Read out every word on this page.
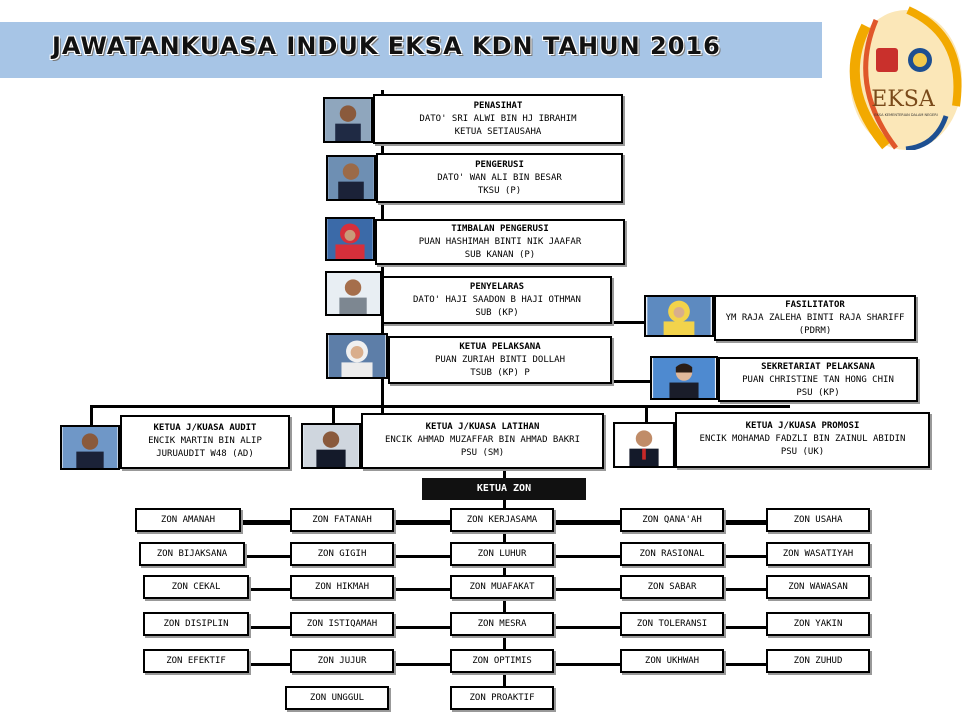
JAWATANKUASA INDUK EKSA KDN TAHUN 2016
EKSA
EKSA KEMENTERIAN DALAM NEGERI
PENASIHAT
DATO' SRI ALWI BIN HJ IBRAHIM
KETUA SETIAUSAHA
PENGERUSI
DATO' WAN ALI BIN BESAR
TKSU (P)
TIMBALAN PENGERUSI
PUAN HASHIMAH BINTI NIK JAAFAR
SUB KANAN (P)
PENYELARAS
DATO' HAJI SAADON B HAJI OTHMAN
SUB (KP)
KETUA PELAKSANA
PUAN ZURIAH BINTI DOLLAH
TSUB (KP) P
FASILITATOR
YM RAJA ZALEHA BINTI RAJA SHARIFF
(PDRM)
SEKRETARIAT PELAKSANA
PUAN CHRISTINE TAN HONG CHIN
PSU (KP)
KETUA J/KUASA AUDIT
ENCIK MARTIN BIN ALIP
JURUAUDIT W48 (AD)
KETUA J/KUASA LATIHAN
ENCIK AHMAD MUZAFFAR BIN AHMAD BAKRI
PSU (SM)
KETUA J/KUASA PROMOSI
ENCIK MOHAMAD FADZLI BIN ZAINUL ABIDIN
PSU (UK)
KETUA ZON
ZON AMANAH	ZON FATANAH	ZON KERJASAMA	ZON QANA'AH	ZON USAHA
ZON BIJAKSANA	ZON GIGIH	ZON LUHUR	ZON RASIONAL	ZON WASATIYAH
ZON CEKAL	ZON HIKMAH	ZON MUAFAKAT	ZON SABAR	ZON WAWASAN
ZON DISIPLIN	ZON ISTIQAMAH	ZON MESRA	ZON TOLERANSI	ZON YAKIN
ZON EFEKTIF	ZON JUJUR	ZON OPTIMIS	ZON UKHWAH	ZON ZUHUD
ZON UNGGUL	ZON PROAKTIF
